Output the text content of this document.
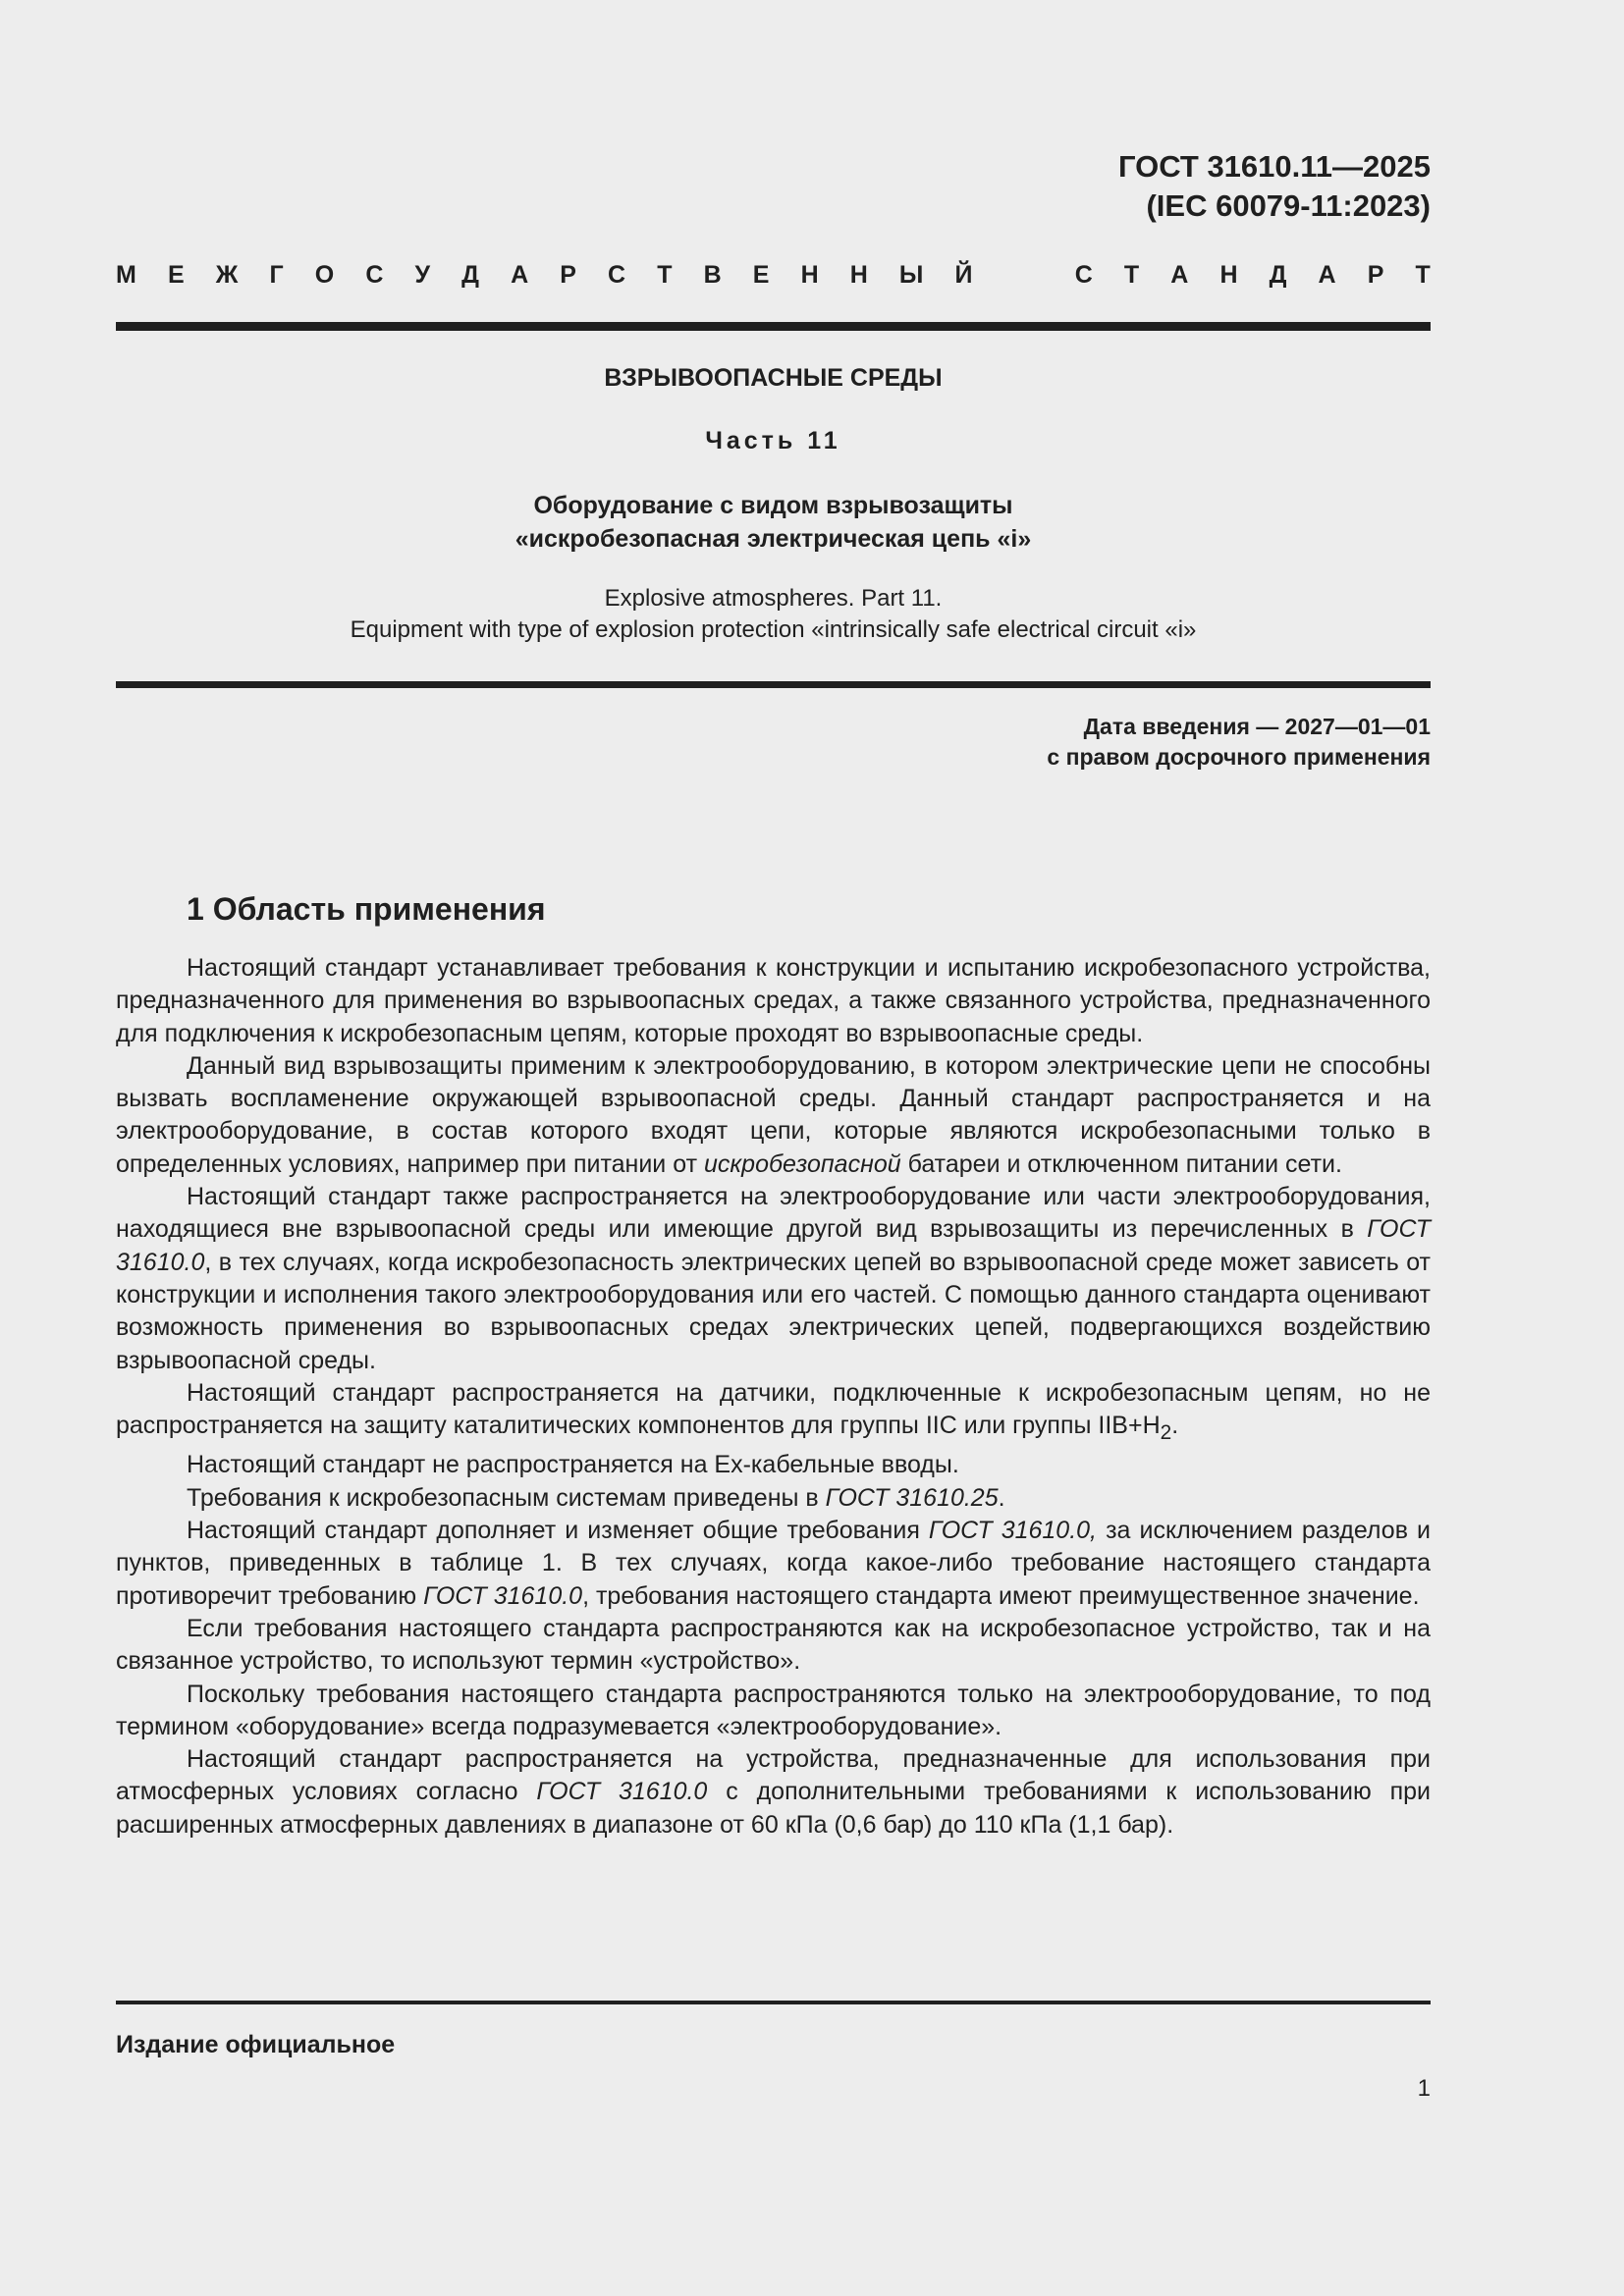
ГОСТ 31610.11—2025
(IEC 60079-11:2023)
М Е Ж Г О С У Д А Р С Т В Е Н Н Ы Й	С Т А Н Д А Р Т
ВЗРЫВООПАСНЫЕ СРЕДЫ
Часть 11
Оборудование с видом взрывозащиты
«искробезопасная электрическая цепь «i»
Explosive atmospheres. Part 11.
Equipment with type of explosion protection «intrinsically safe electrical circuit «i»
Дата введения — 2027—01—01
с правом досрочного применения
1 Область применения

Настоящий стандарт устанавливает требования к конструкции и испытанию искробезопасного устройства, предназначенного для применения во взрывоопасных средах, а также связанного устройства, предназначенного для подключения к искробезопасным цепям, которые проходят во взрывоопасные среды.

Данный вид взрывозащиты применим к электрооборудованию, в котором электрические цепи не способны вызвать воспламенение окружающей взрывоопасной среды. Данный стандарт распространяется и на электрооборудование, в состав которого входят цепи, которые являются искробезопасными только в определенных условиях, например при питании от искробезопасной батареи и отключенном питании сети.

Настоящий стандарт также распространяется на электрооборудование или части электрооборудования, находящиеся вне взрывоопасной среды или имеющие другой вид взрывозащиты из перечисленных в ГОСТ 31610.0, в тех случаях, когда искробезопасность электрических цепей во взрывоопасной среде может зависеть от конструкции и исполнения такого электрооборудования или его частей. С помощью данного стандарта оценивают возможность применения во взрывоопасных средах электрических цепей, подвергающихся воздействию взрывоопасной среды.

Настоящий стандарт распространяется на датчики, подключенные к искробезопасным цепям, но не распространяется на защиту каталитических компонентов для группы IIC или группы $IIB+H_2$.

Настоящий стандарт не распространяется на Ex-кабельные вводы.

Требования к искробезопасным системам приведены в ГОСТ 31610.25.

Настоящий стандарт дополняет и изменяет общие требования ГОСТ 31610.0, за исключением разделов и пунктов, приведенных в таблице 1. В тех случаях, когда какое-либо требование настоящего стандарта противоречит требованию ГОСТ 31610.0, требования настоящего стандарта имеют преимущественное значение.

Если требования настоящего стандарта распространяются как на искробезопасное устройство, так и на связанное устройство, то используют термин «устройство».

Поскольку требования настоящего стандарта распространяются только на электрооборудование, то под термином «оборудование» всегда подразумевается «электрооборудование».

Настоящий стандарт распространяется на устройства, предназначенные для использования при атмосферных условиях согласно ГОСТ 31610.0 с дополнительными требованиями к использованию при расширенных атмосферных давлениях в диапазоне от 60 кПа (0,6 бар) до 110 кПа (1,1 бар).

Издание официальное
1
